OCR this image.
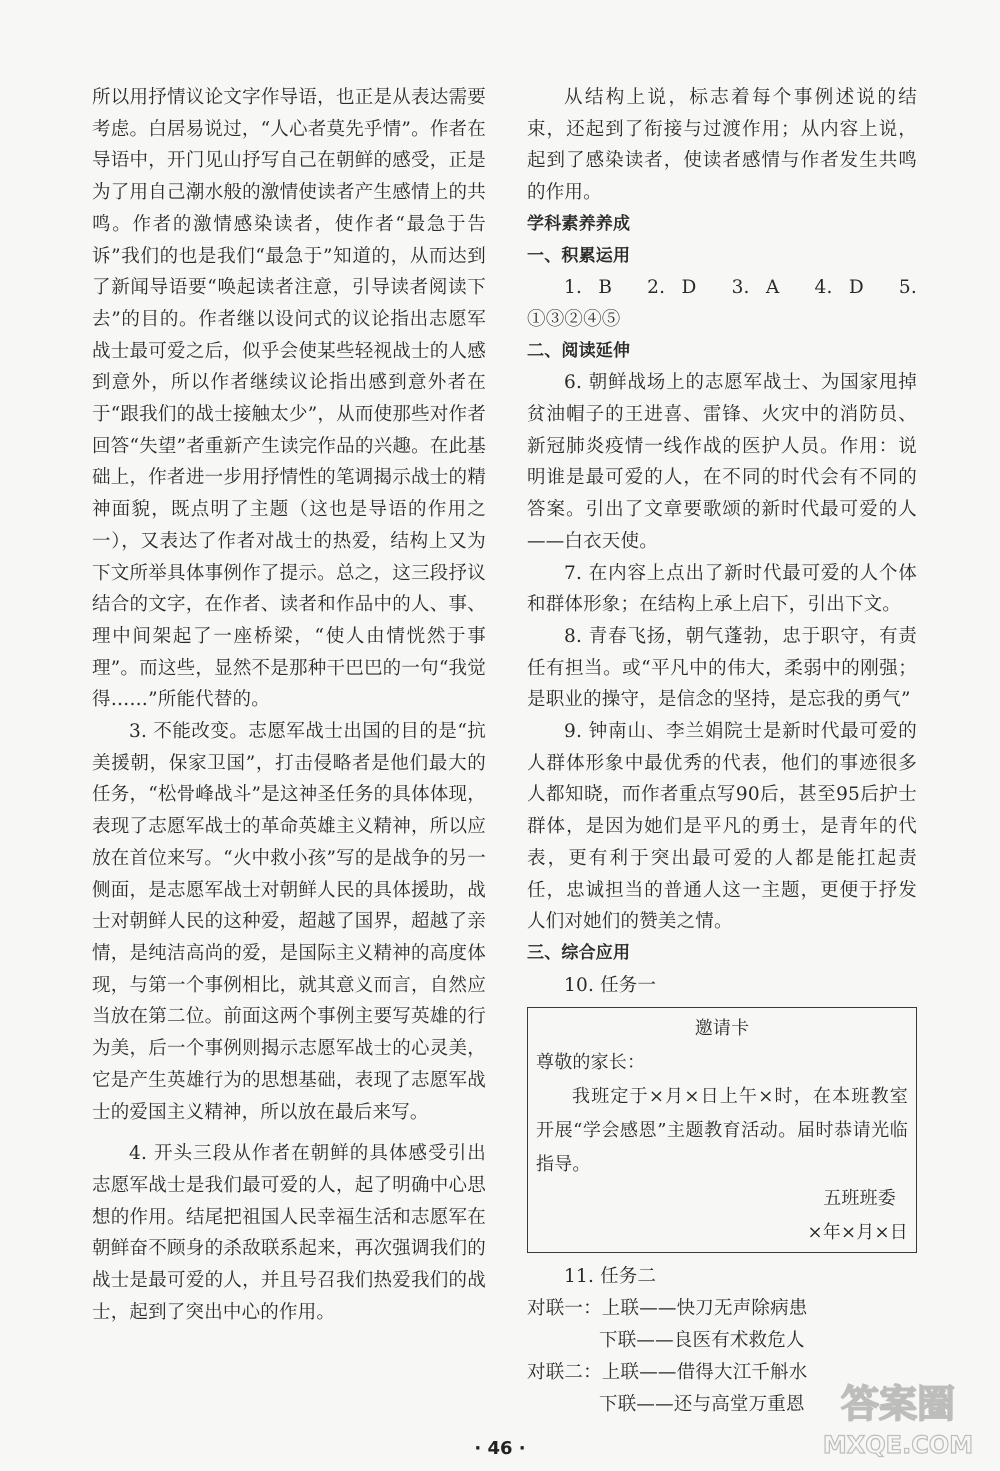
所以用抒情议论文字作导语，也正是从表达需要考虑。白居易说过，“人心者莫先乎情”。作者在导语中，开门见山抒写自己在朝鲜的感受，正是为了用自己潮水般的激情使读者产生感情上的共鸣。作者的激情感染读者，使作者“最急于告诉”我们的也是我们“最急于”知道的，从而达到了新闻导语要“唤起读者注意，引导读者阅读下去”的目的。作者继以设问式的议论指出志愿军战士最可爱之后，似乎会使某些轻视战士的人感到意外，所以作者继续议论指出感到意外者在于“跟我们的战士接触太少”，从而使那些对作者回答“失望”者重新产生读完作品的兴趣。在此基础上，作者进一步用抒情性的笔调揭示战士的精神面貌，既点明了主题（这也是导语的作用之一），又表达了作者对战士的热爱，结构上又为下文所举具体事例作了提示。总之，这三段抒议结合的文字，在作者、读者和作品中的人、事、理中间架起了一座桥梁，“使人由情恍然于事理”。而这些，显然不是那种干巴巴的一句“我觉得……”所能代替的。

3. 不能改变。志愿军战士出国的目的是“抗美援朝，保家卫国”，打击侵略者是他们最大的任务，“松骨峰战斗”是这神圣任务的具体体现，表现了志愿军战士的革命英雄主义精神，所以应放在首位来写。“火中救小孩”写的是战争的另一侧面，是志愿军战士对朝鲜人民的具体援助，战士对朝鲜人民的这种爱，超越了国界，超越了亲情，是纯洁高尚的爱，是国际主义精神的高度体现，与第一个事例相比，就其意义而言，自然应当放在第二位。前面这两个事例主要写英雄的行为美，后一个事例则揭示志愿军战士的心灵美，它是产生英雄行为的思想基础，表现了志愿军战士的爱国主义精神，所以放在最后来写。

4. 开头三段从作者在朝鲜的具体感受引出志愿军战士是我们最可爱的人，起了明确中心思想的作用。结尾把祖国人民幸福生活和志愿军在朝鲜奋不顾身的杀敌联系起来，再次强调我们的战士是最可爱的人，并且号召我们热爱我们的战士，起到了突出中心的作用。

从结构上说，标志着每个事例述说的结束，还起到了衔接与过渡作用；从内容上说，起到了感染读者，使读者感情与作者发生共鸣的作用。

学科素养养成
一、积累运用
1. B　2. D　3. A　4. D　5. ①③②④⑤
二、阅读延伸

6. 朝鲜战场上的志愿军战士、为国家甩掉贫油帽子的王进喜、雷锋、火灾中的消防员、新冠肺炎疫情一线作战的医护人员。作用：说明谁是最可爱的人，在不同的时代会有不同的答案。引出了文章要歌颂的新时代最可爱的人——白衣天使。

7. 在内容上点出了新时代最可爱的人个体和群体形象；在结构上承上启下，引出下文。

8. 青春飞扬，朝气蓬勃，忠于职守，有责任有担当。或“平凡中的伟大，柔弱中的刚强；是职业的操守，是信念的坚持，是忘我的勇气”

9. 钟南山、李兰娟院士是新时代最可爱的人群体形象中最优秀的代表，他们的事迹很多人都知晓，而作者重点写90后，甚至95后护士群体，是因为她们是平凡的勇士，是青年的代表，更有利于突出最可爱的人都是能扛起责任，忠诚担当的普通人这一主题，更便于抒发人们对她们的赞美之情。

三、综合应用
10. 任务一
邀请卡
尊敬的家长：
我班定于×月×日上午×时，在本班教室开展“学会感恩”主题教育活动。届时恭请光临指导。
五班班委
×年×月×日
11. 任务二
对联一：上联——快刀无声除病患
下联——良医有术救危人
对联二：上联——借得大江千斛水
下联——还与高堂万重恩
· 46 ·
答案圈
MXQE.COM
